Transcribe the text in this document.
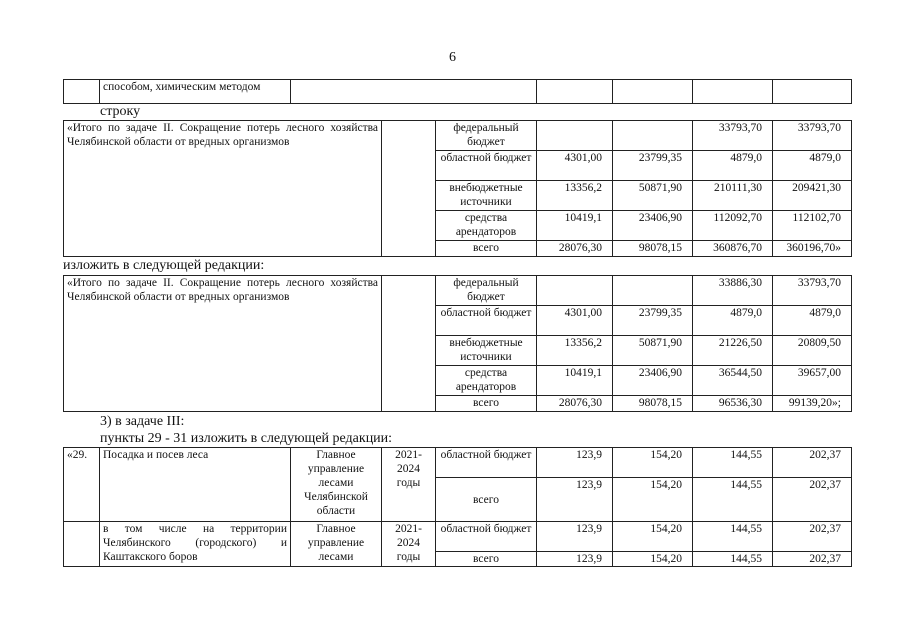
6
	способом, химическим методом					
строку
«Итого по задаче II. Сокращение потерь лесного хозяйства Челябинской области от вредных организмов		федеральный бюджет			33793,70	33793,70
		областной бюджет	4301,00	23799,35	4879,0	4879,0
		внебюджетные источники	13356,2	50871,90	210111,30	209421,30
		средства арендаторов	10419,1	23406,90	112092,70	112102,70
		всего	28076,30	98078,15	360876,70	360196,70»
изложить в следующей редакции:
«Итого по задаче II. Сокращение потерь лесного хозяйства Челябинской области от вредных организмов		федеральный бюджет			33886,30	33793,70
		областной бюджет	4301,00	23799,35	4879,0	4879,0
		внебюджетные источники	13356,2	50871,90	21226,50	20809,50
		средства арендаторов	10419,1	23406,90	36544,50	39657,00
		всего	28076,30	98078,15	96536,30	99139,20»;
3) в задаче III:
пункты 29 - 31 изложить в следующей редакции:
«29.	Посадка и посев леса	Главное управление лесами Челябинской области	2021-2024 годы	областной бюджет	123,9	154,20	144,55	202,37
				всего	123,9	154,20	144,55	202,37
	в том числе на территории Челябинского (городского) и Каштакского боров	Главное управление лесами	2021-2024 годы	областной бюджет	123,9	154,20	144,55	202,37
				всего	123,9	154,20	144,55	202,37
